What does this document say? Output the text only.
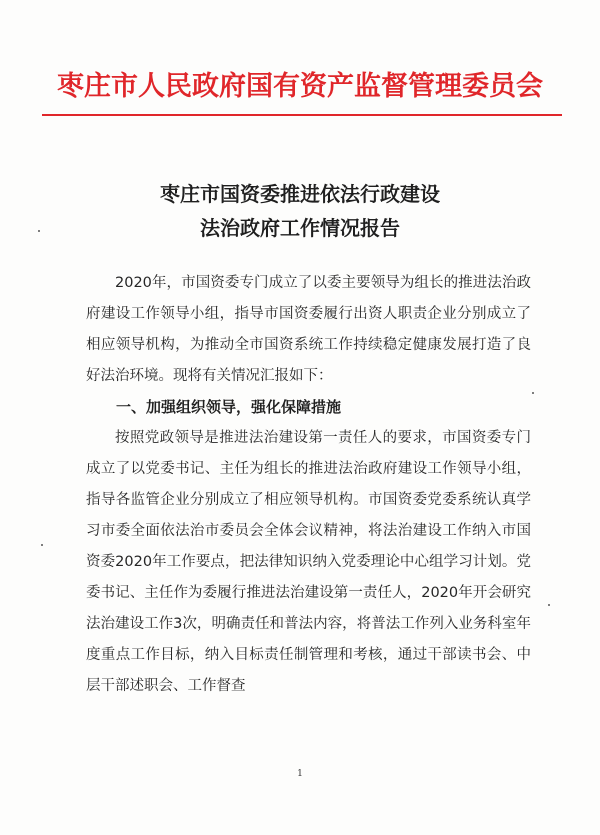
枣庄市人民政府国有资产监督管理委员会
枣庄市国资委推进依法行政建设
法治政府工作情况报告

2020年，市国资委专门成立了以委主要领导为组长的推进法治政府建设工作领导小组，指导市国资委履行出资人职责企业分别成立了相应领导机构，为推动全市国资系统工作持续稳定健康发展打造了良好法治环境。现将有关情况汇报如下：

一、加强组织领导，强化保障措施

按照党政领导是推进法治建设第一责任人的要求，市国资委专门成立了以党委书记、主任为组长的推进法治政府建设工作领导小组，指导各监管企业分别成立了相应领导机构。市国资委党委系统认真学习市委全面依法治市委员会全体会议精神，将法治建设工作纳入市国资委2020年工作要点，把法律知识纳入党委理论中心组学习计划。党委书记、主任作为委履行推进法治建设第一责任人，2020年开会研究法治建设工作3次，明确责任和普法内容，将普法工作列入业务科室年度重点工作目标，纳入目标责任制管理和考核，通过干部读书会、中层干部述职会、工作督查

1
